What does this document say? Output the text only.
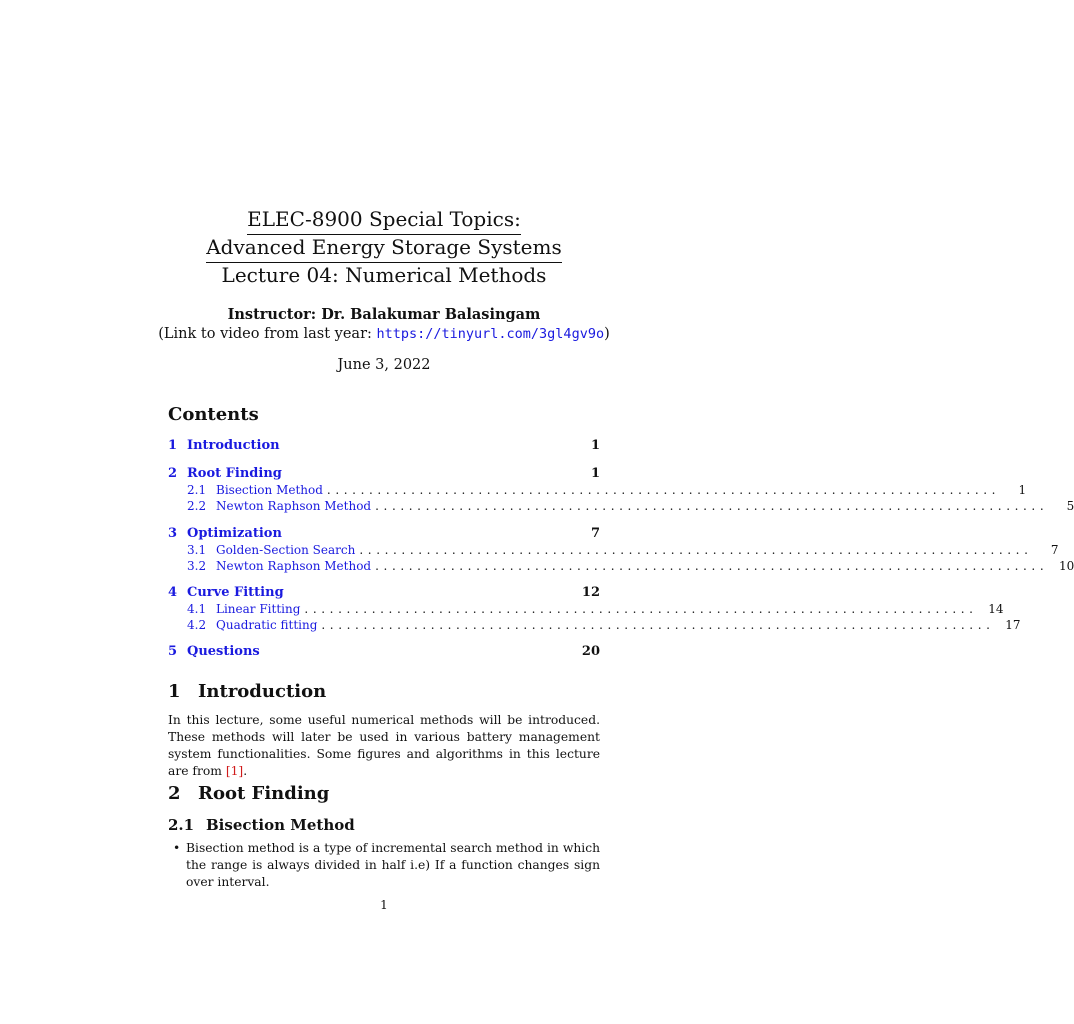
ELEC-8900 Special Topics:
Advanced Energy Storage Systems
Lecture 04: Numerical Methods
Instructor: Dr. Balakumar Balasingam
(Link to video from last year: https://tinyurl.com/3gl4gv9o)
June 3, 2022
Contents
1 Introduction	1
2 Root Finding	1
2.1 Bisection Method ................................................................................	1
2.2 Newton Raphson Method ................................................................................	5
3 Optimization	7
3.1 Golden-Section Search ................................................................................	7
3.2 Newton Raphson Method ................................................................................ 10
4 Curve Fitting	12
4.1 Linear Fitting ................................................................................ 14
4.2 Quadratic fitting ................................................................................ 17
5 Questions	20
1 Introduction
In this lecture, some useful numerical methods will be introduced. These methods will later be used in various battery management system functionalities. Some figures and algorithms in this lecture are from [1].
2 Root Finding
2.1 Bisection Method
• Bisection method is a type of incremental search method in which the range is always divided in half i.e) If a function changes sign over interval.
1
